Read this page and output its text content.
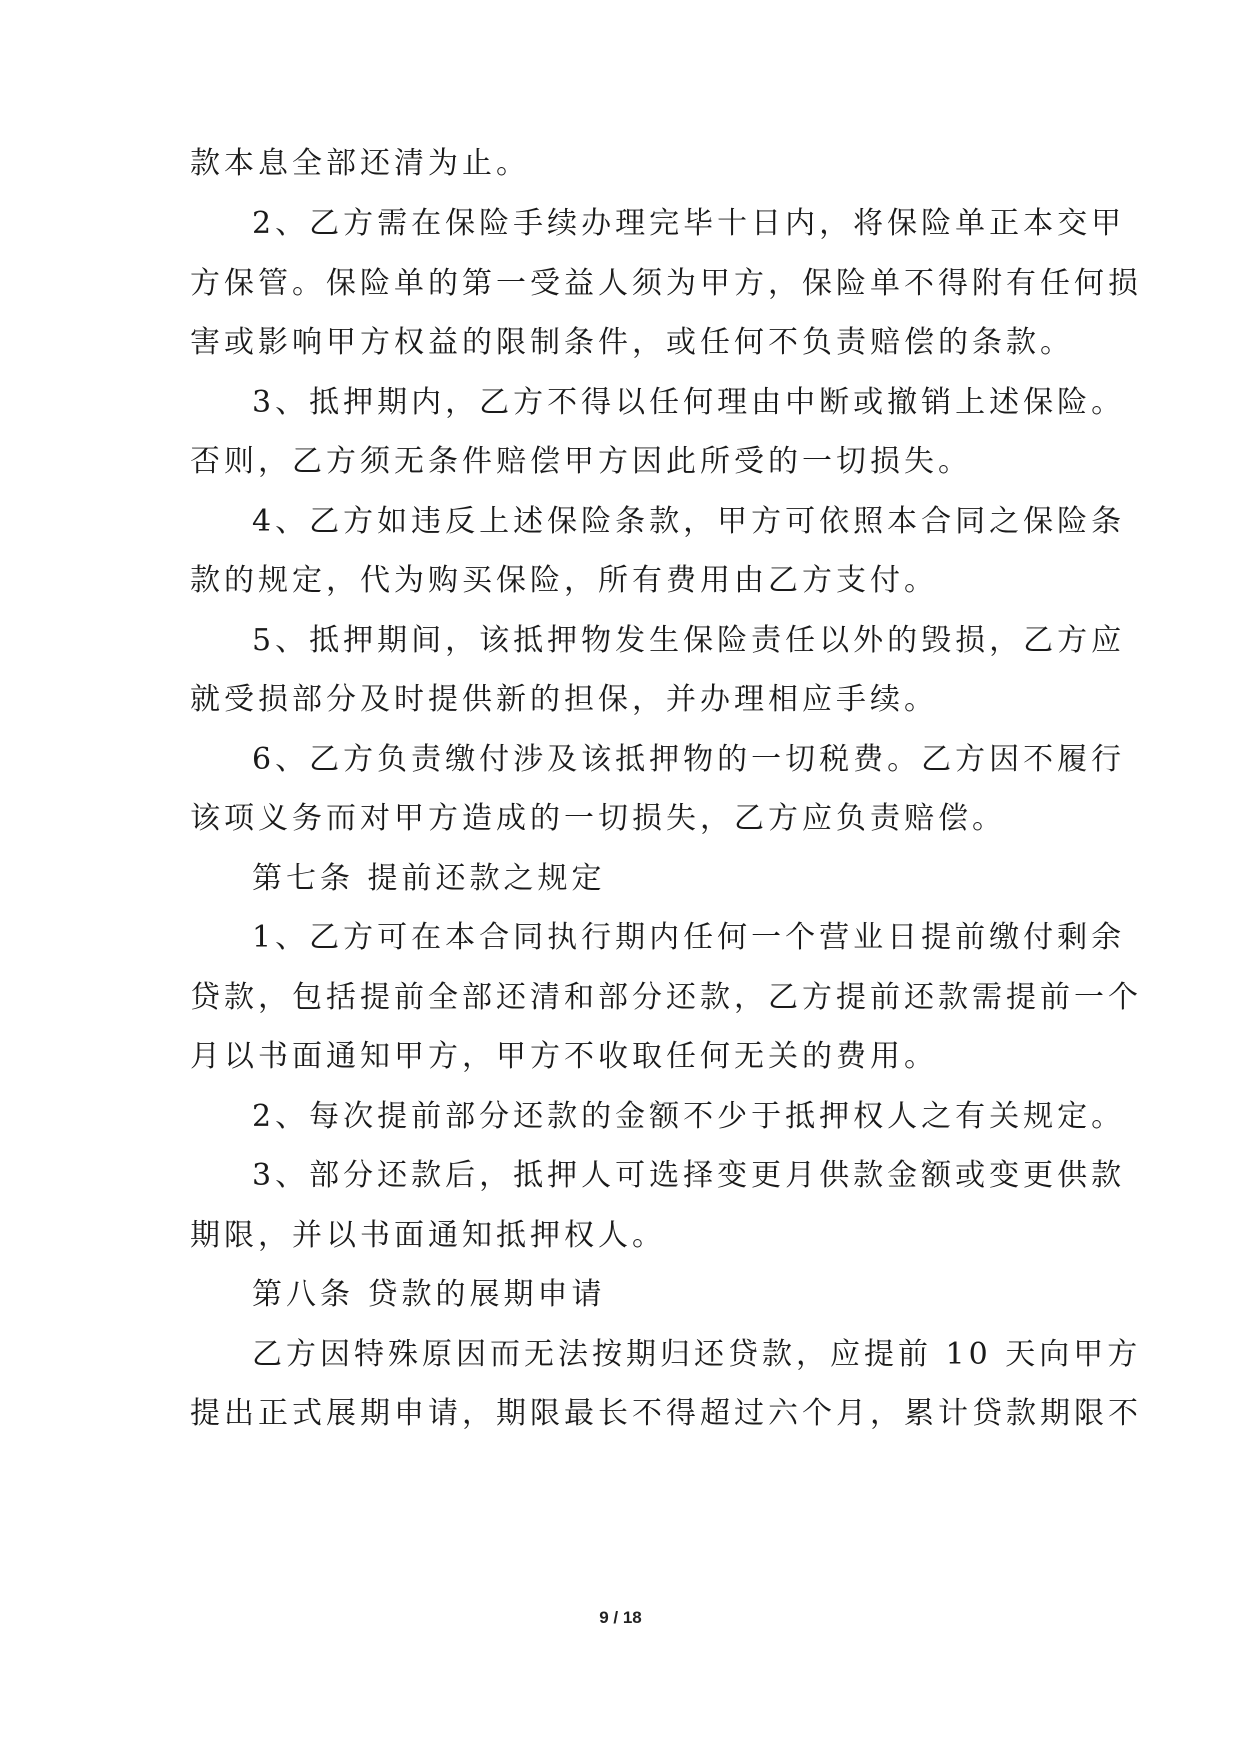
款本息全部还清为止。
2、乙方需在保险手续办理完毕十日内，将保险单正本交甲
方保管。保险单的第一受益人须为甲方，保险单不得附有任何损
害或影响甲方权益的限制条件，或任何不负责赔偿的条款。
3、抵押期内，乙方不得以任何理由中断或撤销上述保险。
否则，乙方须无条件赔偿甲方因此所受的一切损失。
4、乙方如违反上述保险条款，甲方可依照本合同之保险条
款的规定，代为购买保险，所有费用由乙方支付。
5、抵押期间，该抵押物发生保险责任以外的毁损，乙方应
就受损部分及时提供新的担保，并办理相应手续。
6、乙方负责缴付涉及该抵押物的一切税费。乙方因不履行
该项义务而对甲方造成的一切损失，乙方应负责赔偿。
第七条 提前还款之规定
1、乙方可在本合同执行期内任何一个营业日提前缴付剩余
贷款，包括提前全部还清和部分还款，乙方提前还款需提前一个
月以书面通知甲方，甲方不收取任何无关的费用。
2、每次提前部分还款的金额不少于抵押权人之有关规定。
3、部分还款后，抵押人可选择变更月供款金额或变更供款
期限，并以书面通知抵押权人。
第八条 贷款的展期申请
乙方因特殊原因而无法按期归还贷款，应提前 10 天向甲方
提出正式展期申请，期限最长不得超过六个月，累计贷款期限不
9 / 18
